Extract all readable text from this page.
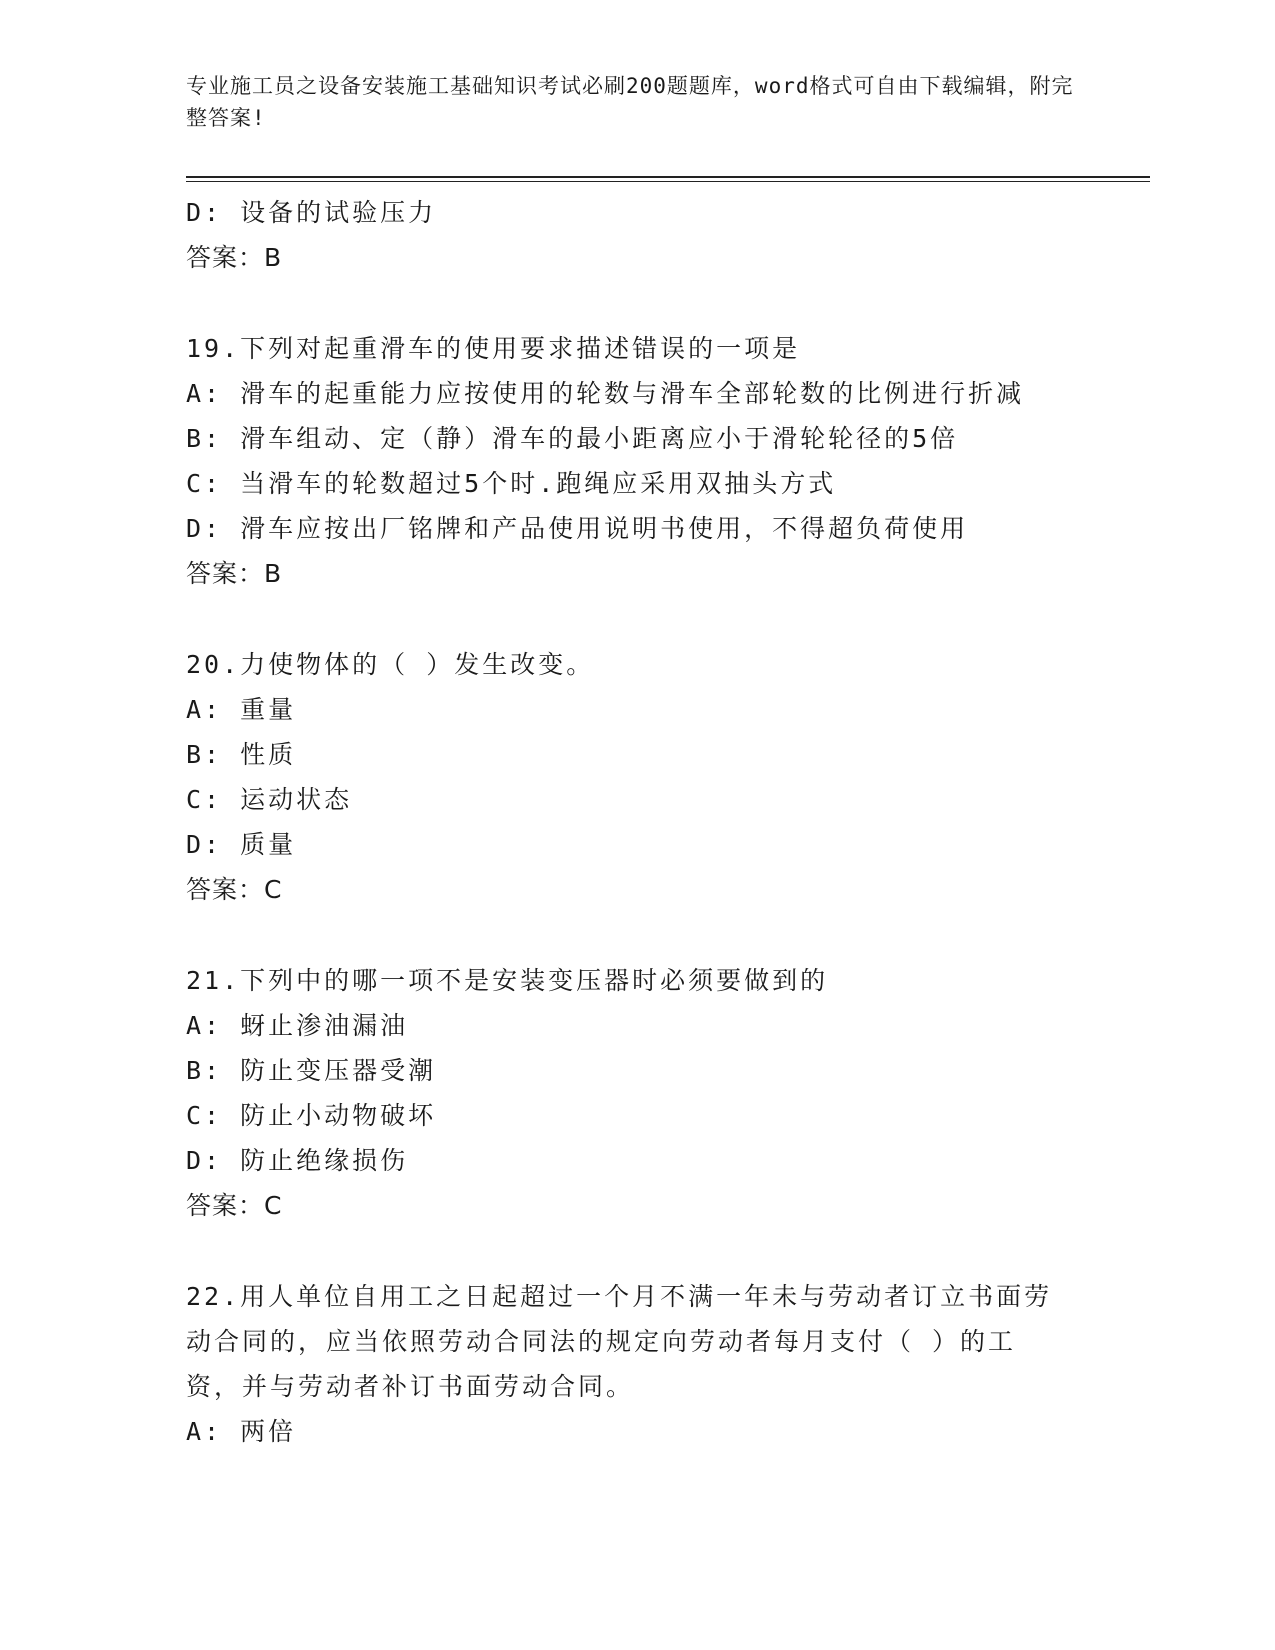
专业施工员之设备安装施工基础知识考试必刷200题题库，word格式可自由下载编辑，附完整答案!
D: 设备的试验压力
答案：B
19.下列对起重滑车的使用要求描述错误的一项是
A: 滑车的起重能力应按使用的轮数与滑车全部轮数的比例进行折减
B: 滑车组动、定（静）滑车的最小距离应小于滑轮轮径的5倍
C: 当滑车的轮数超过5个时.跑绳应采用双抽头方式
D: 滑车应按出厂铭牌和产品使用说明书使用，不得超负荷使用
答案：B
20.力使物体的（ ）发生改变。
A: 重量
B: 性质
C: 运动状态
D: 质量
答案：C
21.下列中的哪一项不是安装变压器时必须要做到的
A: 蚜止渗油漏油
B: 防止变压器受潮
C: 防止小动物破坏
D: 防止绝缘损伤
答案：C
22.用人单位自用工之日起超过一个月不满一年未与劳动者订立书面劳动合同的，应当依照劳动合同法的规定向劳动者每月支付（ ）的工资，并与劳动者补订书面劳动合同。
A: 两倍
